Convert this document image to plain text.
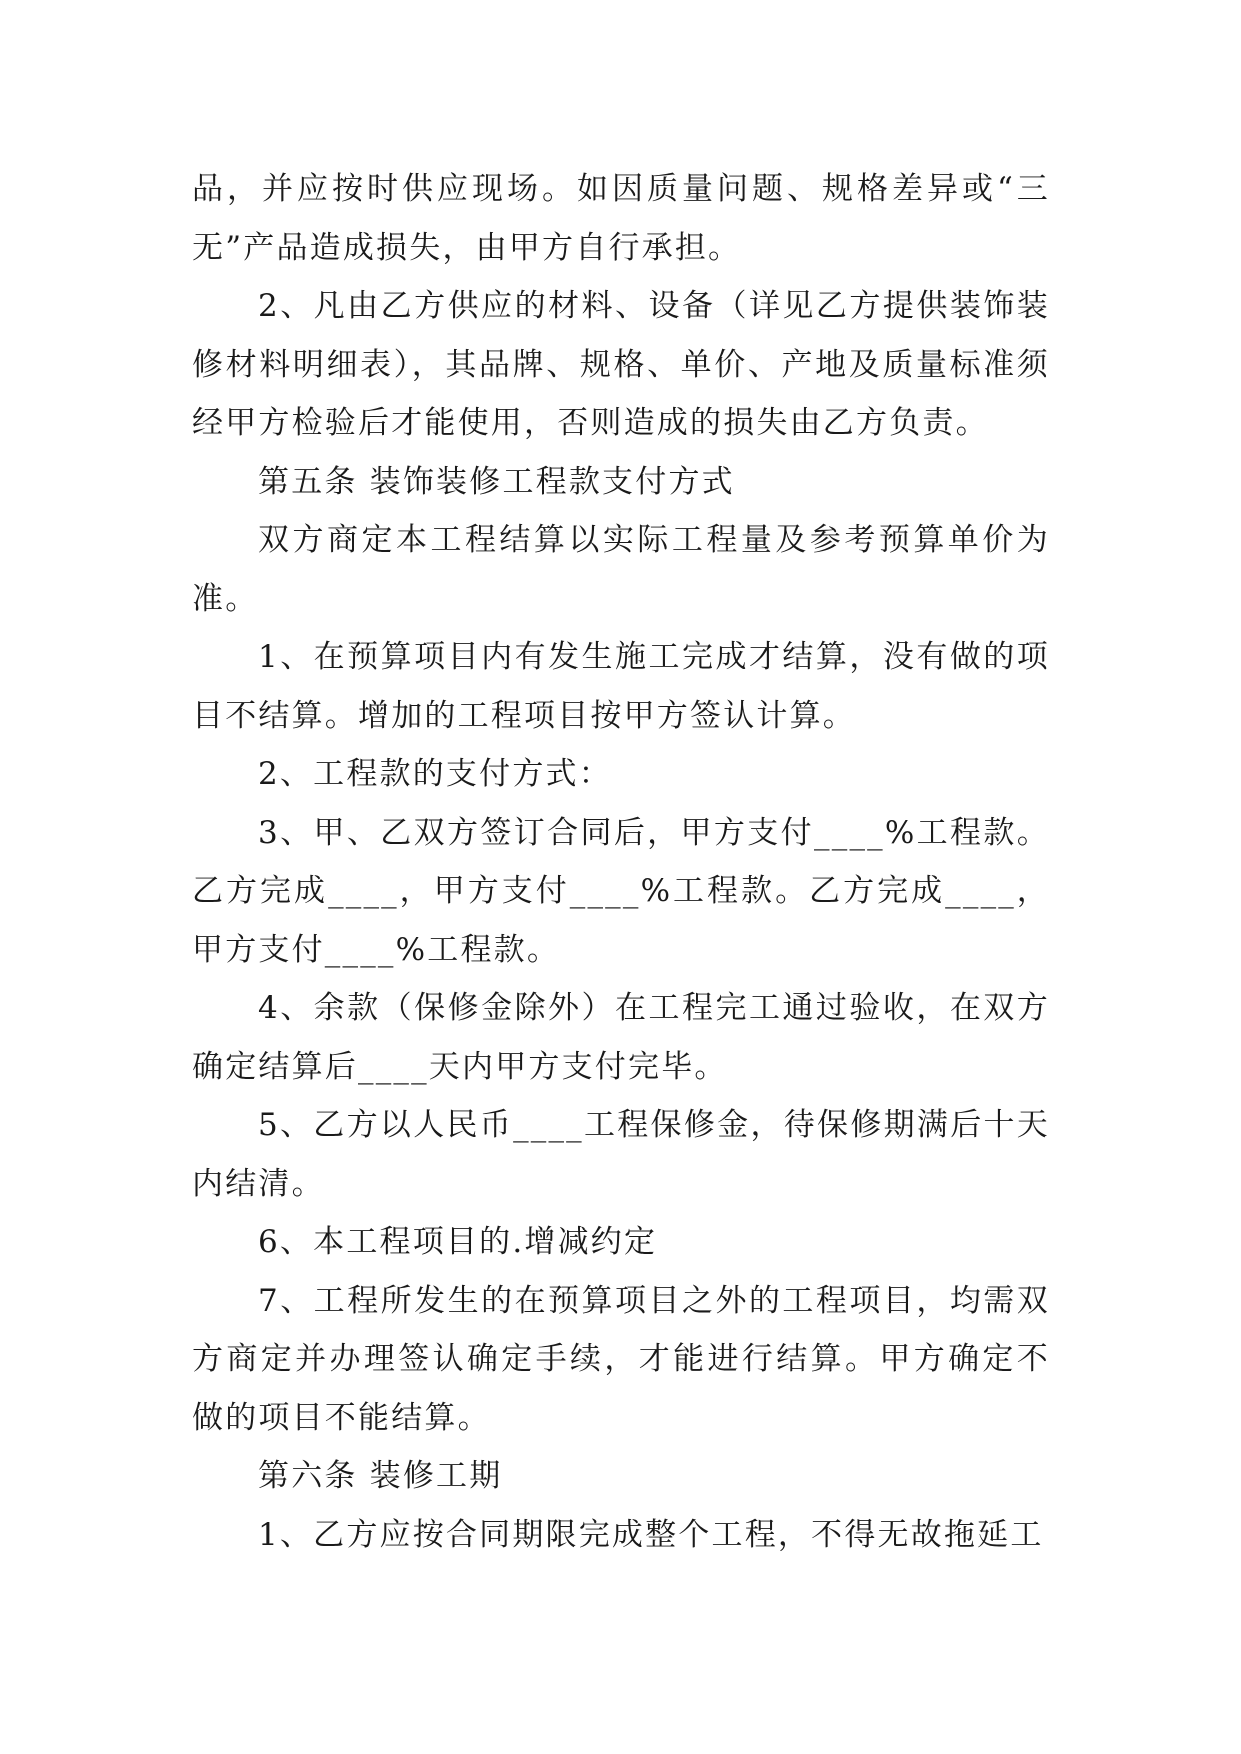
品，并应按时供应现场。如因质量问题、规格差异或“三无”产品造成损失，由甲方自行承担。

2、凡由乙方供应的材料、设备（详见乙方提供装饰装修材料明细表），其品牌、规格、单价、产地及质量标准须经甲方检验后才能使用，否则造成的损失由乙方负责。

第五条 装饰装修工程款支付方式

双方商定本工程结算以实际工程量及参考预算单价为准。

1、在预算项目内有发生施工完成才结算，没有做的项目不结算。增加的工程项目按甲方签认计算。

2、工程款的支付方式：

3、甲、乙双方签订合同后，甲方支付____%工程款。乙方完成____，甲方支付____%工程款。乙方完成____，甲方支付____%工程款。

4、余款（保修金除外）在工程完工通过验收，在双方确定结算后____天内甲方支付完毕。

5、乙方以人民币____工程保修金，待保修期满后十天内结清。

6、本工程项目的.增减约定

7、工程所发生的在预算项目之外的工程项目，均需双方商定并办理签认确定手续，才能进行结算。甲方确定不做的项目不能结算。

第六条 装修工期

1、乙方应按合同期限完成整个工程，不得无故拖延工
